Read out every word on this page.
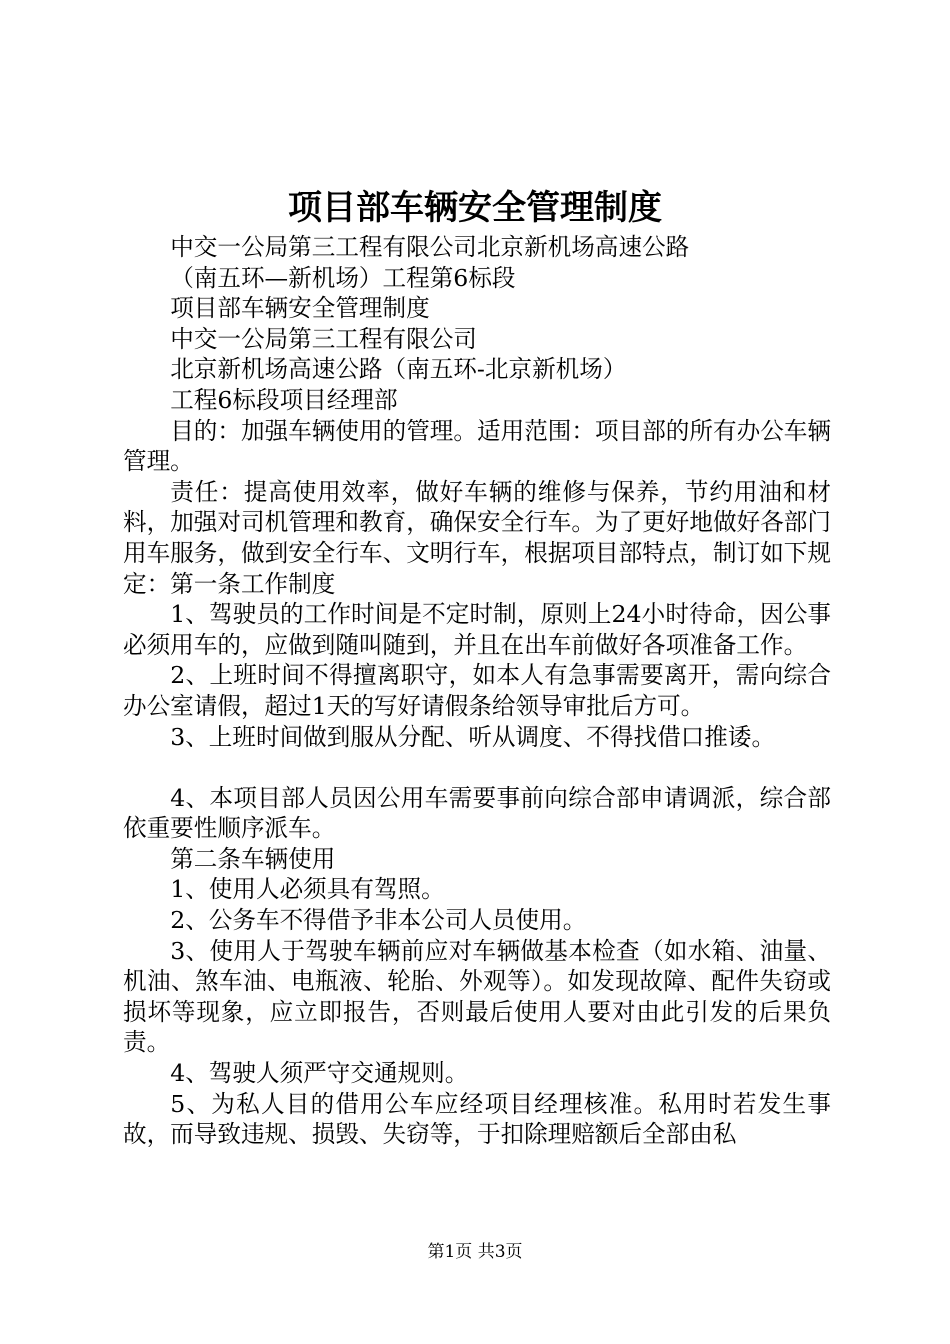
项目部车辆安全管理制度

中交一公局第三工程有限公司北京新机场高速公路

（南五环—新机场）工程第6标段

项目部车辆安全管理制度

中交一公局第三工程有限公司

北京新机场高速公路（南五环-北京新机场）

工程6标段项目经理部

目的：加强车辆使用的管理。适用范围：项目部的所有办公车辆管理。

责任：提高使用效率，做好车辆的维修与保养，节约用油和材料，加强对司机管理和教育，确保安全行车。为了更好地做好各部门用车服务，做到安全行车、文明行车，根据项目部特点，制订如下规定：第一条工作制度

1、驾驶员的工作时间是不定时制，原则上24小时待命，因公事必须用车的，应做到随叫随到，并且在出车前做好各项准备工作。

2、上班时间不得擅离职守，如本人有急事需要离开，需向综合办公室请假，超过1天的写好请假条给领导审批后方可。

3、上班时间做到服从分配、听从调度、不得找借口推诿。

4、本项目部人员因公用车需要事前向综合部申请调派，综合部依重要性顺序派车。

第二条车辆使用

1、使用人必须具有驾照。

2、公务车不得借予非本公司人员使用。

3、使用人于驾驶车辆前应对车辆做基本检查（如水箱、油量、机油、煞车油、电瓶液、轮胎、外观等）。如发现故障、配件失窃或损坏等现象，应立即报告，否则最后使用人要对由此引发的后果负责。

4、驾驶人须严守交通规则。

5、为私人目的借用公车应经项目经理核准。私用时若发生事故，而导致违规、损毁、失窃等，于扣除理赔额后全部由私

第1页 共3页
